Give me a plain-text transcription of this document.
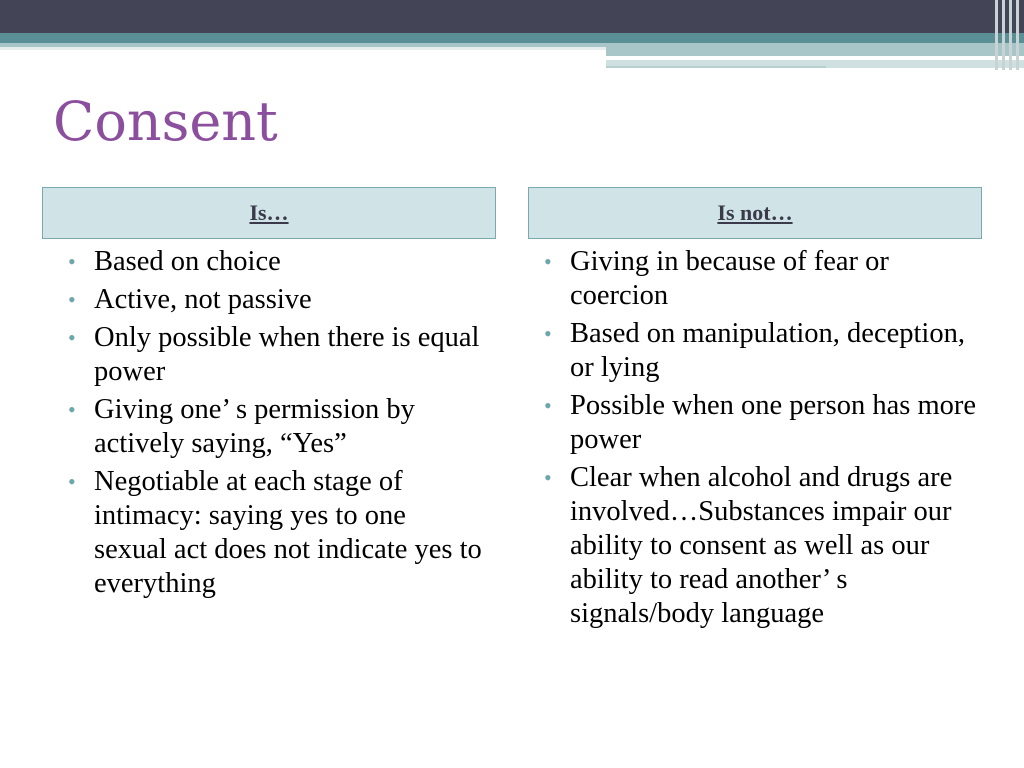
Consent
Is…	Is not…
• Based on choice
• Active, not passive
• Only possible when there is equal power
• Giving one’ s permission by actively saying, “Yes”
• Negotiable at each stage of intimacy: saying yes to one sexual act does not indicate yes to everything
• Giving in because of fear or coercion
• Based on manipulation, deception, or lying
• Possible when one person has more power
• Clear when alcohol and drugs are involved…Substances impair our ability to consent as well as our ability to read another’ s signals/body language
